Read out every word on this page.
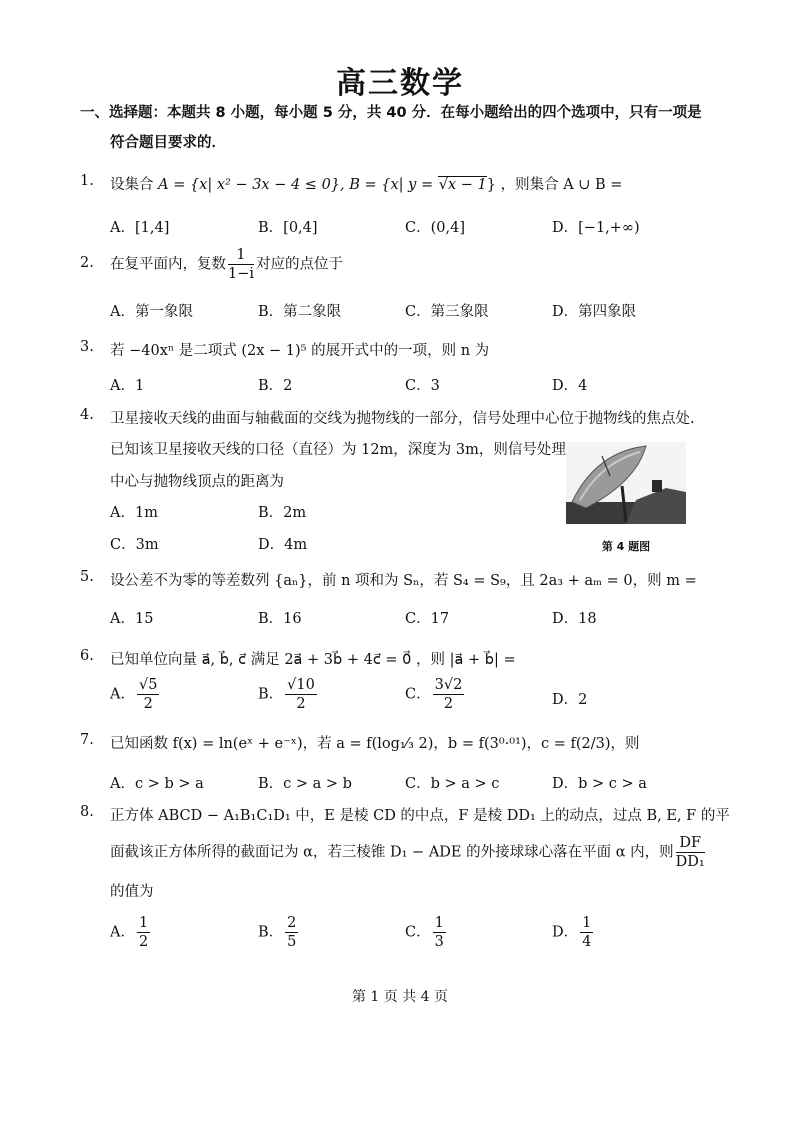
高三数学
一、选择题：本题共 8 小题，每小题 5 分，共 40 分．在每小题给出的四个选项中，只有一项是
符合题目要求的．
1. 设集合 A = {x| x² − 3x − 4 ≤ 0}, B = {x| y = √x − 1} ，则集合 A ∪ B =
A．[1,4]	B．[0,4]	C．(0,4]	D．[−1,+∞)
2. 在复平面内，复数 $\frac{1}{1-i}$ 对应的点位于
A．第一象限	B．第二象限	C．第三象限	D．第四象限
3. 若 −40xⁿ 是二项式 (2x − 1)⁵ 的展开式中的一项，则 n 为
A．1	B．2	C．3	D．4
4. 卫星接收天线的曲面与轴截面的交线为抛物线的一部分，信号处理中心位于抛物线的焦点处.
已知该卫星接收天线的口径（直径）为 12m，深度为 3m，则信号处理
中心与抛物线顶点的距离为
A．1m	B．2m
C．3m	D．4m	第 4 题图
5. 设公差不为零的等差数列 {aₙ}，前 n 项和为 Sₙ，若 S₄ = S₉，且 2a₃ + aₘ = 0，则 m =
A．15	B．16	C．17	D．18
6. 已知单位向量 a⃗, b⃗, c⃗ 满足 2a⃗ + 3b⃗ + 4c⃗ = 0⃗ ，则 |a⃗ + b⃗| =
A． $\frac{√5}{2}$	B． $\frac{√10}{2}$	C． $\frac{3√2}{2}$	D．2
7. 已知函数 f(x) = ln(eˣ + e⁻ˣ)，若 a = f(log₁⁄₃ 2)，b = f(3⁰·⁰¹)，c = f(2/3)，则
A．c > b > a	B．c > a > b	C．b > a > c	D．b > c > a
8. 正方体 ABCD − A₁B₁C₁D₁ 中，E 是棱 CD 的中点，F 是棱 DD₁ 上的动点，过点 B, E, F 的平
面截该正方体所得的截面记为 α，若三棱锥 D₁ − ADE 的外接球球心落在平面 α 内，则 $\frac{DF}{\text{DD₁}}$
的值为
A． $\frac{1}{2}$	B． $\frac{2}{5}$	C． $\frac{1}{3}$	D． $\frac{1}{4}$
第 1 页 共 4 页
